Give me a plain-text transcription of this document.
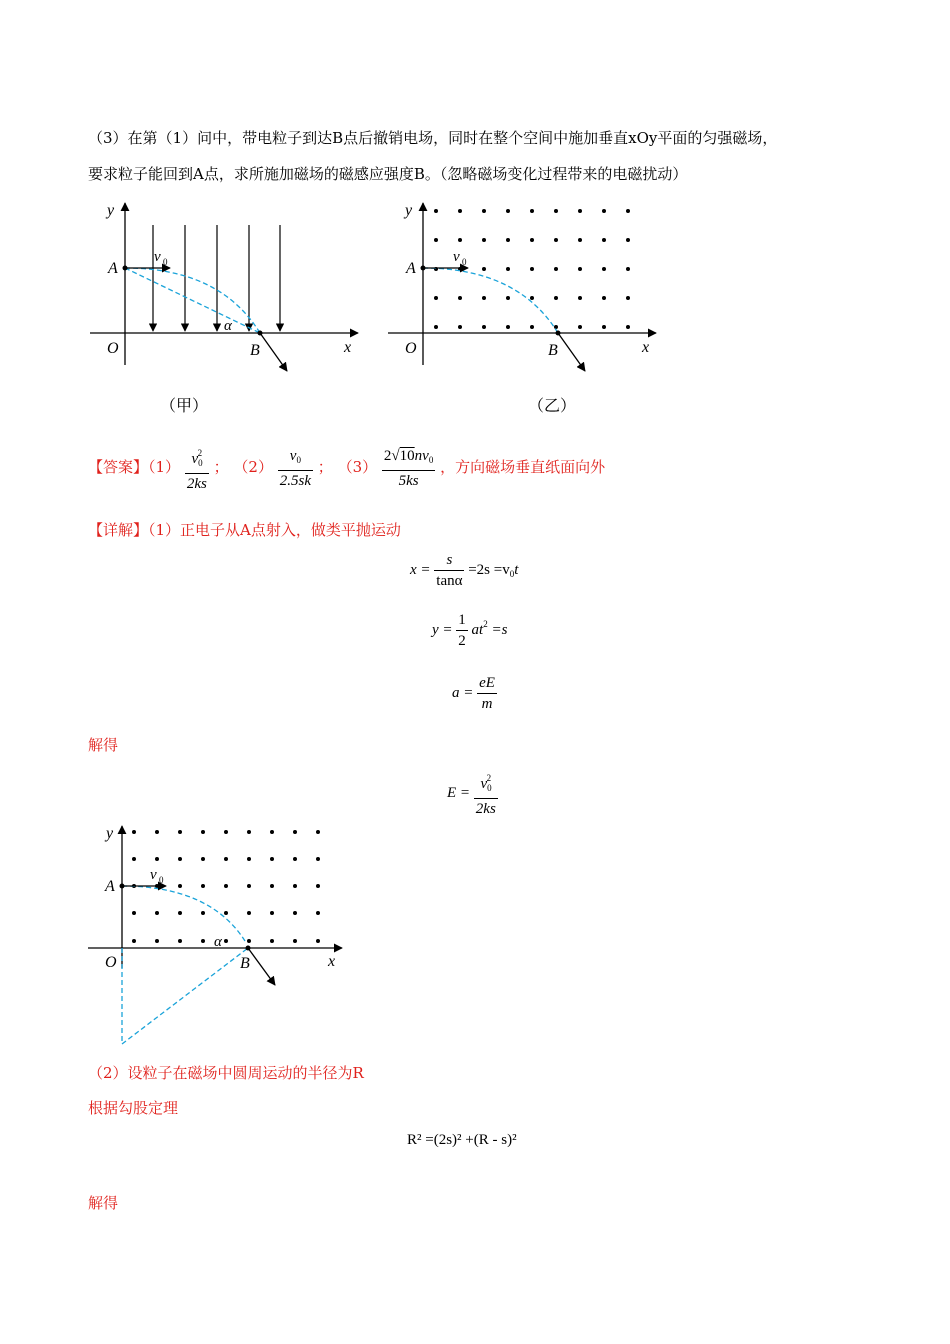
（3）在第（1）问中，带电粒子到达B点后撤销电场，同时在整个空间中施加垂直xOy平面的匀强磁场，
要求粒子能回到A点，求所施加磁场的磁感应强度B。（忽略磁场变化过程带来的电磁扰动）
y
x
O
A
B
α
v 0
（甲）
y
x
O
A
B
v 0
（乙）
【答案】$(1) \frac{v_0^2}{2ks}$ ； $(2) \frac{v_0}{2.5sk}$ ； $(3) \frac{2√10nv_0}{5ks}$ ，方向磁场垂直纸面向外
【详解】（1）正电子从A点射入，做类平抛运动
$x = \frac{s}{\tan\alpha} =2s =v_0t$
$y = \frac{1}{2} at^2 =s$
$a = \frac{eE}{m}$
解得
$E = \frac{v_0^2}{2ks}$
y
x
O
A
B
α
v 0
（2）设粒子在磁场中圆周运动的半径为R
根据勾股定理
R² =(2s)² +(R - s)²
解得
